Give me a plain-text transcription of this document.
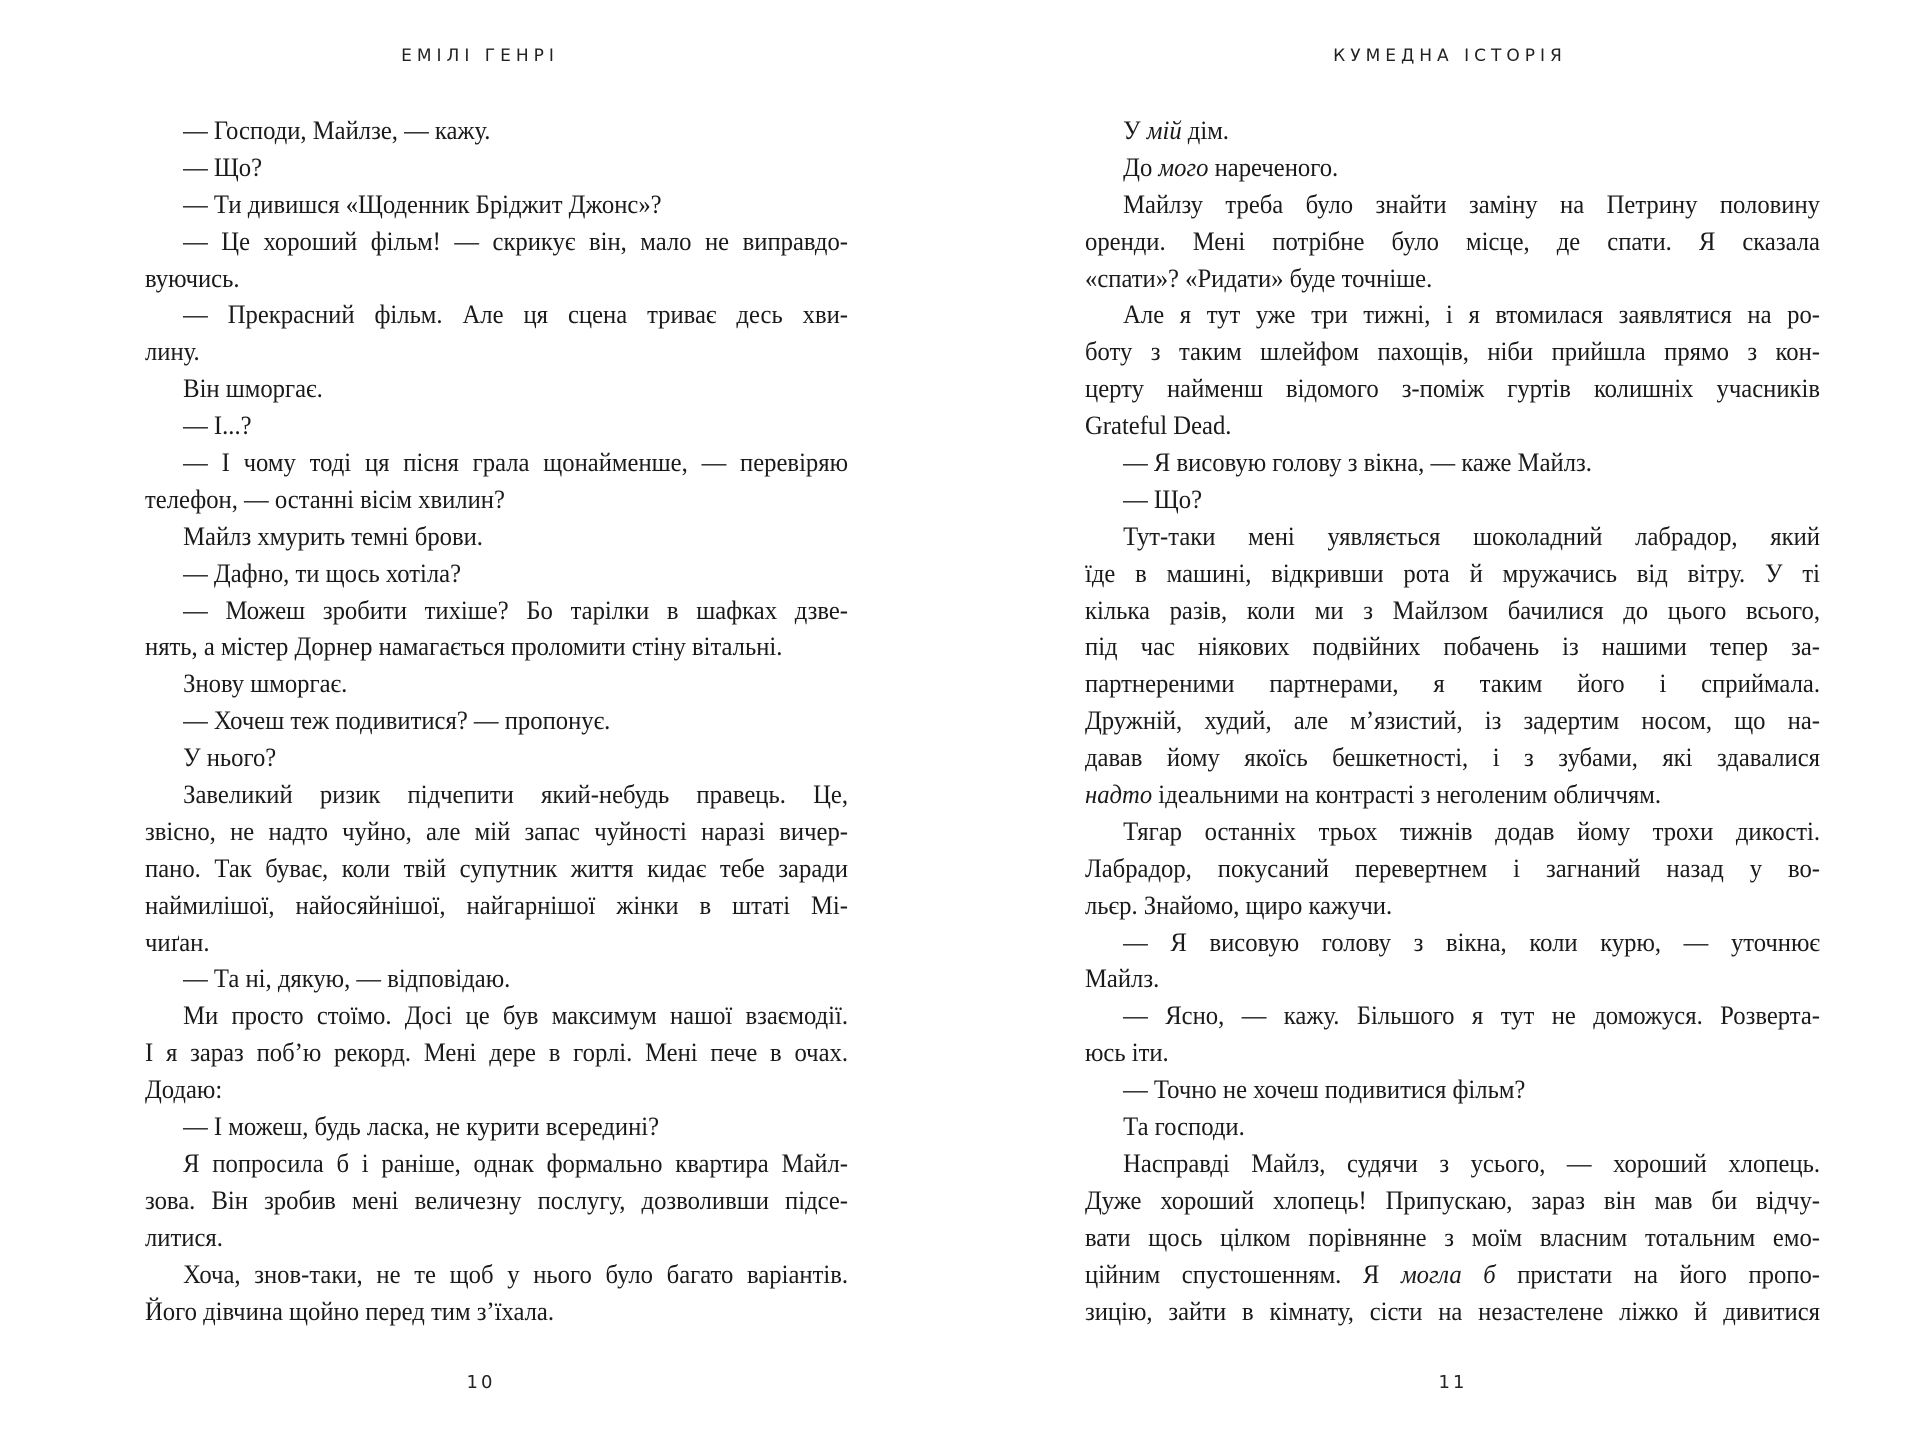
ЕМІЛІ ГЕНРІ
— Господи, Майлзе, — кажу.
— Що?
— Ти дивишся «Щоденник Бріджит Джонс»?
— Це хороший фільм! — скрикує він, мало не виправдо-
вуючись.
— Прекрасний фільм. Але ця сцена триває десь хви-
лину.
Він шморгає.
— І...?
— І чому тоді ця пісня грала щонайменше, — перевіряю
телефон, — останні вісім хвилин?
Майлз хмурить темні брови.
— Дафно, ти щось хотіла?
— Можеш зробити тихіше? Бо тарілки в шафках дзве-
нять, а містер Дорнер намагається проломити стіну вітальні.
Знову шморгає.
— Хочеш теж подивитися? — пропонує.
У нього?
Завеликий ризик підчепити який-небудь правець. Це,
звісно, не надто чуйно, але мій запас чуйності наразі вичер-
пано. Так буває, коли твій супутник життя кидає тебе заради
наймилішої, найосяйнішої, найгарнішої жінки в штаті Мі-
чиґан.
— Та ні, дякую, — відповідаю.
Ми просто стоїмо. Досі це був максимум нашої взаємодії.
І я зараз поб’ю рекорд. Мені дере в горлі. Мені пече в очах.
Додаю:
— І можеш, будь ласка, не курити всередині?
Я попросила б і раніше, однак формально квартира Майл-
зова. Він зробив мені величезну послугу, дозволивши підсе-
литися.
Хоча, знов-таки, не те щоб у нього було багато варіантів.
Його дівчина щойно перед тим з’їхала.
10
КУМЕДНА ІСТОРІЯ
У мій дім.
До мого нареченого.
Майлзу треба було знайти заміну на Петрину половину
оренди. Мені потрібне було місце, де спати. Я сказала
«спати»? «Ридати» буде точніше.
Але я тут уже три тижні, і я втомилася заявлятися на ро-
боту з таким шлейфом пахощів, ніби прийшла прямо з кон-
церту найменш відомого з-поміж гуртів колишніх учасників
Grateful Dead.
— Я висовую голову з вікна, — каже Майлз.
— Що?
Тут-таки мені уявляється шоколадний лабрадор, який
їде в машині, відкривши рота й мружачись від вітру. У ті
кілька разів, коли ми з Майлзом бачилися до цього всього,
під час ніякових подвійних побачень із нашими тепер за-
партнереними партнерами, я таким його і сприймала.
Дружній, худий, але м’язистий, із задертим носом, що на-
давав йому якоїсь бешкетності, і з зубами, які здавалися
надто ідеальними на контрасті з неголеним обличчям.
Тягар останніх трьох тижнів додав йому трохи дикості.
Лабрадор, покусаний перевертнем і загнаний назад у во-
льєр. Знайомо, щиро кажучи.
— Я висовую голову з вікна, коли курю, — уточнює
Майлз.
— Ясно, — кажу. Більшого я тут не доможуся. Розверта-
юсь іти.
— Точно не хочеш подивитися фільм?
Та господи.
Насправді Майлз, судячи з усього, — хороший хлопець.
Дуже хороший хлопець! Припускаю, зараз він мав би відчу-
вати щось цілком порівнянне з моїм власним тотальним емо-
ційним спустошенням. Я могла б пристати на його пропо-
зицію, зайти в кімнату, сісти на незастелене ліжко й дивитися
11
